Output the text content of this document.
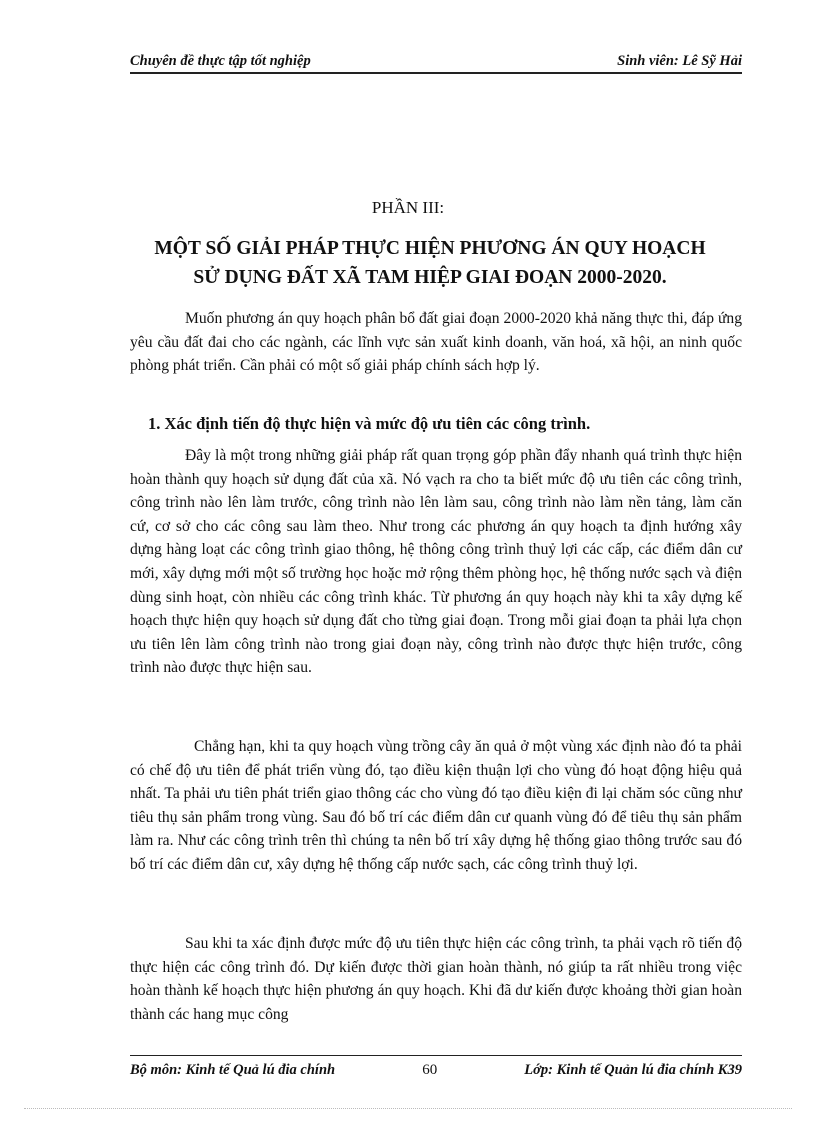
Chuyên đề thực tập tốt nghiệp	Sinh viên: Lê Sỹ Hải
PHẦN III:
MỘT SỐ GIẢI PHÁP THỰC HIỆN PHƯƠNG ÁN QUY HOẠCH
SỬ DỤNG ĐẤT XÃ TAM HIỆP GIAI ĐOẠN 2000-2020.

Muốn phương án quy hoạch phân bổ đất giai đoạn 2000-2020 khả năng thực thi, đáp ứng yêu cầu đất đai cho các ngành, các lĩnh vực sản xuất kinh doanh, văn hoá, xã hội, an ninh quốc phòng phát triển. Cần phải có một số giải pháp chính sách hợp lý.

1. Xác định tiến độ thực hiện và mức độ ưu tiên các công trình.

Đây là một trong những giải pháp rất quan trọng góp phần đẩy nhanh quá trình thực hiện hoàn thành quy hoạch sử dụng đất của xã. Nó vạch ra cho ta biết mức độ ưu tiên các công trình, công trình nào lên làm trước, công trình nào lên làm sau, công trình nào làm nền tảng, làm căn cứ, cơ sở cho các công sau làm theo. Như trong các phương án quy hoạch ta định hướng xây dựng hàng loạt các công trình giao thông, hệ thông công trình thuỷ lợi các cấp, các điểm dân cư mới, xây dựng mới một số trường học hoặc mở rộng thêm phòng học, hệ thống nước sạch và điện dùng sinh hoạt, còn nhiều các công trình khác. Từ phương án quy hoạch này khi ta xây dựng kế hoạch thực hiện quy hoạch sử dụng đất cho từng giai đoạn. Trong mỗi giai đoạn ta phải lựa chọn ưu tiên lên làm công trình nào trong giai đoạn này, công trình nào được thực hiện trước, công trình nào được thực hiện sau.

Chẳng hạn, khi ta quy hoạch vùng trồng cây ăn quả ở một vùng xác định nào đó ta phải có chế độ ưu tiên để phát triển vùng đó, tạo điều kiện thuận lợi cho vùng đó hoạt động hiệu quả nhất. Ta phải ưu tiên phát triển giao thông các cho vùng đó tạo điều kiện đi lại chăm sóc cũng như tiêu thụ sản phẩm trong vùng. Sau đó bố trí các điểm dân cư quanh vùng đó để tiêu thụ sản phẩm làm ra. Như các công trình trên thì chúng ta nên bố trí xây dựng hệ thống giao thông trước sau đó bố trí các điểm dân cư, xây dựng hệ thống cấp nước sạch, các công trình thuỷ lợi.

Sau khi ta xác định được mức độ ưu tiên thực hiện các công trình, ta phải vạch rõ tiến độ thực hiện các công trình đó. Dự kiến được thời gian hoàn thành, nó giúp ta rất nhiều trong việc hoàn thành kế hoạch thực hiện phương án quy hoạch. Khi đã dư kiến được khoảng thời gian hoàn thành các hang mục công

Bộ môn: Kinh tế Quả lú đia chính	60	Lớp: Kinh tế Quản lú đia chính K39
